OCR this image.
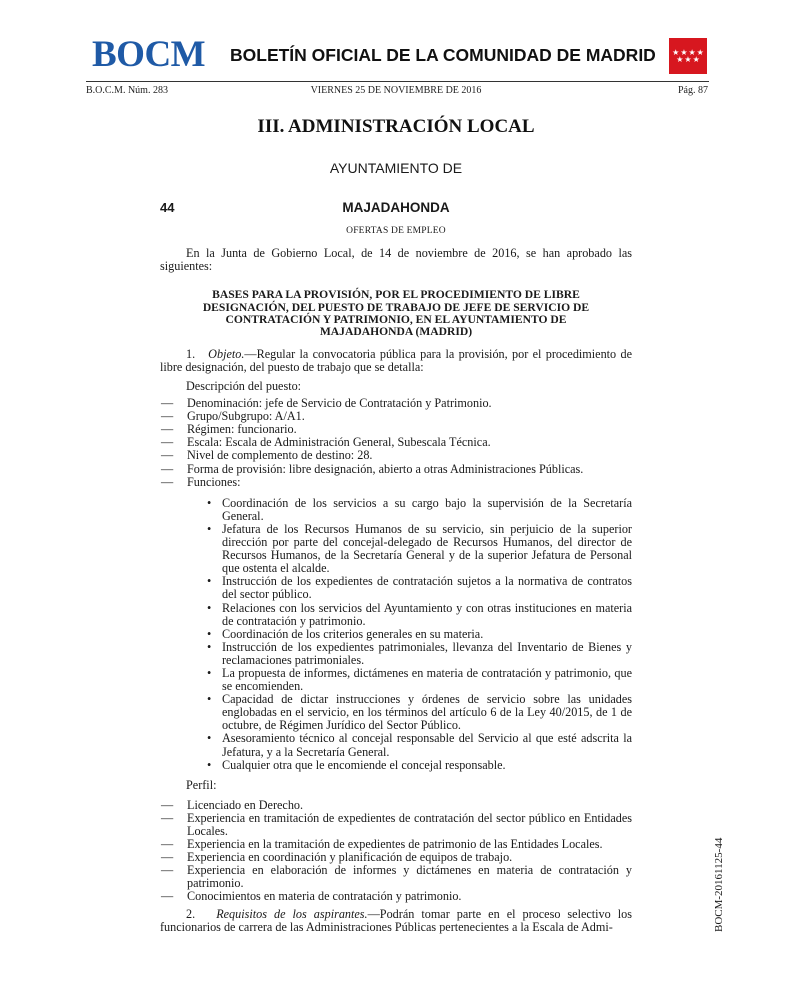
BOCM BOLETÍN OFICIAL DE LA COMUNIDAD DE MADRID ★ ★ ★ ★
★ ★ ★
B.O.C.M. Núm. 283	VIERNES 25 DE NOVIEMBRE DE 2016	Pág. 87
III. ADMINISTRACIÓN LOCAL
AYUNTAMIENTO DE
44	MAJADAHONDA
OFERTAS DE EMPLEO

En la Junta de Gobierno Local, de 14 de noviembre de 2016, se han aprobado las siguientes:

BASES PARA LA PROVISIÓN, POR EL PROCEDIMIENTO DE LIBRE DESIGNACIÓN, DEL PUESTO DE TRABAJO DE JEFE DE SERVICIO DE CONTRATACIÓN Y PATRIMONIO, EN EL AYUNTAMIENTO DE MAJADAHONDA (MADRID)

1. Objeto.—Regular la convocatoria pública para la provisión, por el procedimiento de libre designación, del puesto de trabajo que se detalla:

Descripción del puesto:

—	Denominación: jefe de Servicio de Contratación y Patrimonio.
—	Grupo/Subgrupo: A/A1.
—	Régimen: funcionario.
—	Escala: Escala de Administración General, Subescala Técnica.
—	Nivel de complemento de destino: 28.
—	Forma de provisión: libre designación, abierto a otras Administraciones Públicas.
—	Funciones:
• Coordinación de los servicios a su cargo bajo la supervisión de la Secretaría General.
• Jefatura de los Recursos Humanos de su servicio, sin perjuicio de la superior dirección por parte del concejal-delegado de Recursos Humanos, del director de Recursos Humanos, de la Secretaría General y de la superior Jefatura de Personal que ostenta el alcalde.
• Instrucción de los expedientes de contratación sujetos a la normativa de contratos del sector público.
• Relaciones con los servicios del Ayuntamiento y con otras instituciones en materia de contratación y patrimonio.
• Coordinación de los criterios generales en su materia.
• Instrucción de los expedientes patrimoniales, llevanza del Inventario de Bienes y reclamaciones patrimoniales.
• La propuesta de informes, dictámenes en materia de contratación y patrimonio, que se encomienden.
• Capacidad de dictar instrucciones y órdenes de servicio sobre las unidades englobadas en el servicio, en los términos del artículo 6 de la Ley 40/2015, de 1 de octubre, de Régimen Jurídico del Sector Público.
• Asesoramiento técnico al concejal responsable del Servicio al que esté adscrita la Jefatura, y a la Secretaría General.
• Cualquier otra que le encomiende el concejal responsable.

Perfil:

—	Licenciado en Derecho.
—	Experiencia en tramitación de expedientes de contratación del sector público en Entidades Locales.
—	Experiencia en la tramitación de expedientes de patrimonio de las Entidades Locales.
—	Experiencia en coordinación y planificación de equipos de trabajo.
—	Experiencia en elaboración de informes y dictámenes en materia de contratación y patrimonio.
—	Conocimientos en materia de contratación y patrimonio.

2. Requisitos de los aspirantes.—Podrán tomar parte en el proceso selectivo los funcionarios de carrera de las Administraciones Públicas pertenecientes a la Escala de Admi-	BOCM-20161125-44
